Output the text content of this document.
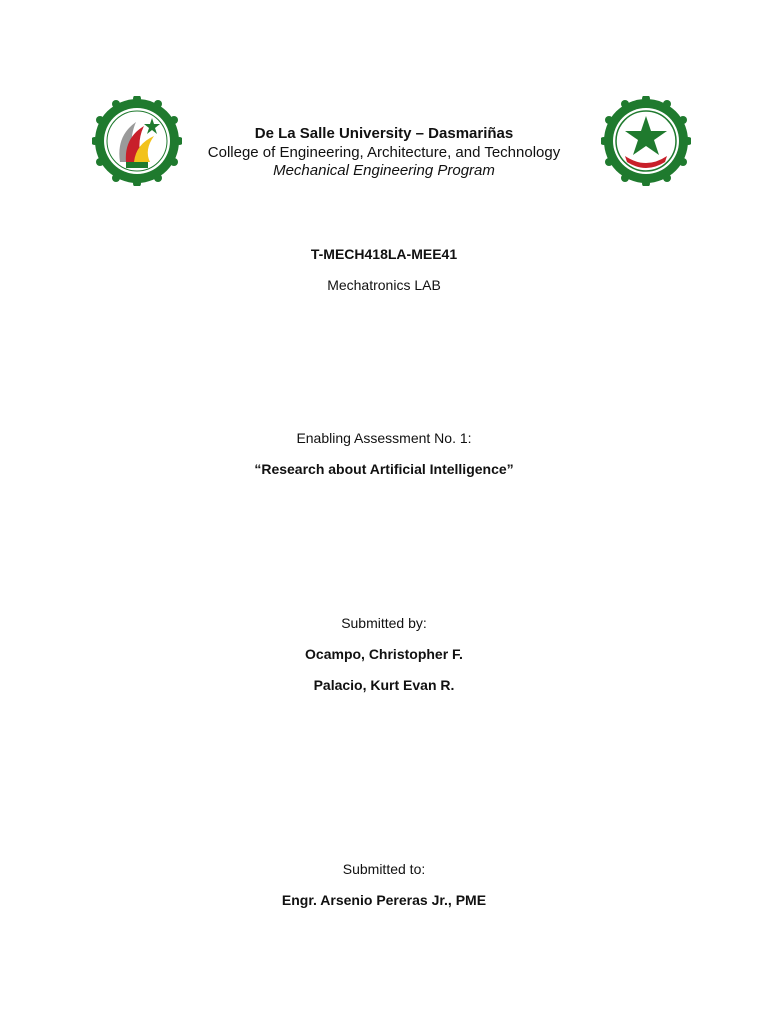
De La Salle University – Dasmariñas
College of Engineering, Architecture, and Technology
Mechanical Engineering Program
T-MECH418LA-MEE41
Mechatronics LAB
Enabling Assessment No. 1:
“Research about Artificial Intelligence”
Submitted by:
Ocampo, Christopher F.
Palacio, Kurt Evan R.
Submitted to:
Engr. Arsenio Pereras Jr., PME
